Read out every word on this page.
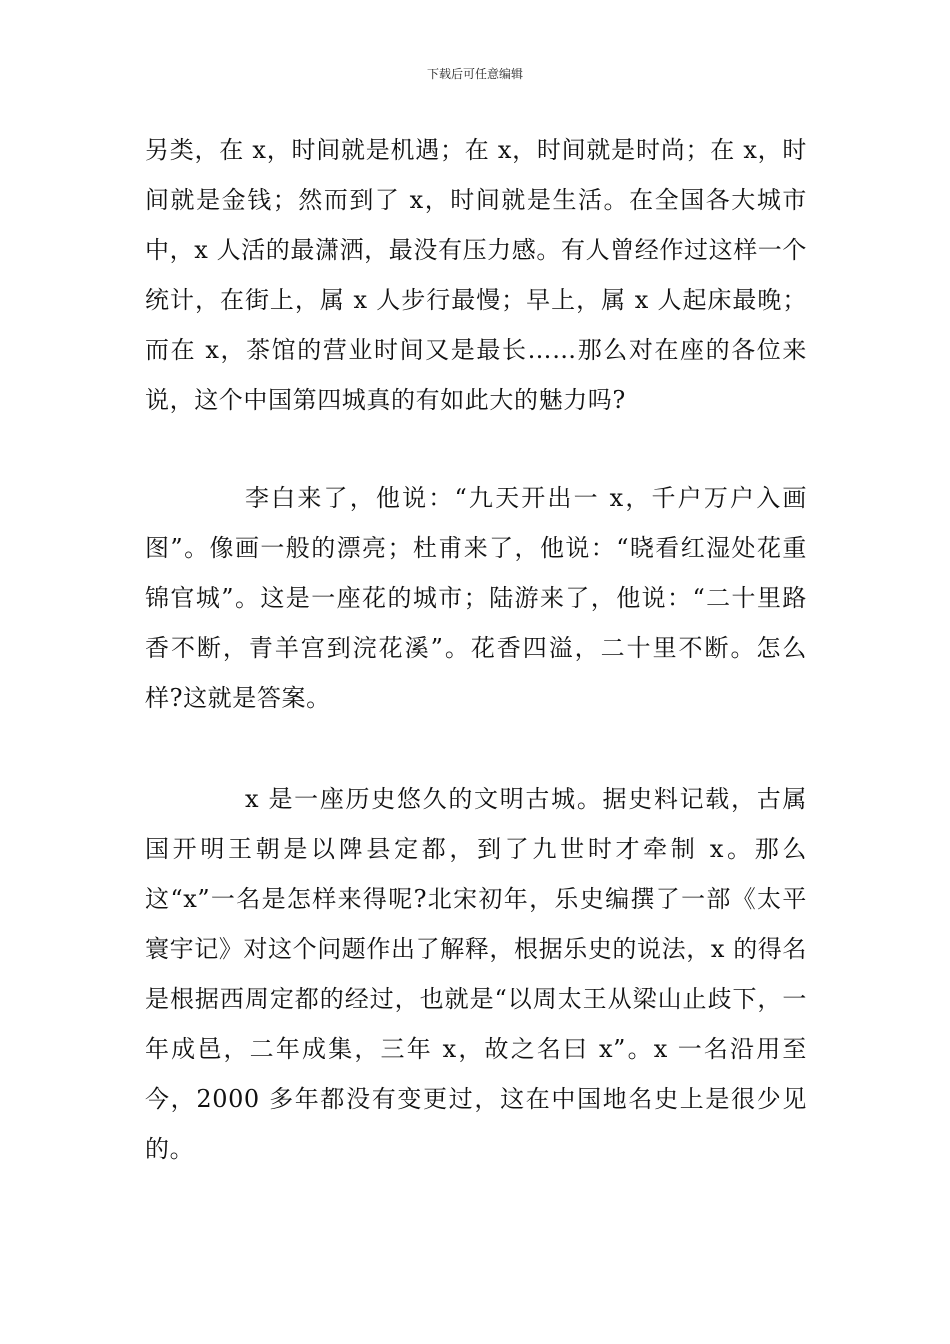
下载后可任意编辑

另类，在 x，时间就是机遇；在 x，时间就是时尚；在 x，时间就是金钱；然而到了 x，时间就是生活。在全国各大城市中，x 人活的最潇洒，最没有压力感。有人曾经作过这样一个统计，在街上，属 x 人步行最慢；早上，属 x 人起床最晚；而在 x，茶馆的营业时间又是最长……那么对在座的各位来说，这个中国第四城真的有如此大的魅力吗?

李白来了，他说：“九天开出一 x，千户万户入画图”。像画一般的漂亮；杜甫来了，他说：“晓看红湿处花重锦官城”。这是一座花的城市；陆游来了，他说：“二十里路香不断，青羊宫到浣花溪”。花香四溢，二十里不断。怎么样?这就是答案。

x 是一座历史悠久的文明古城。据史料记载，古属国开明王朝是以陴县定都，到了九世时才牵制 x。那么这“x”一名是怎样来得呢?北宋初年，乐史编撰了一部《太平寰宇记》对这个问题作出了解释，根据乐史的说法，x 的得名是根据西周定都的经过，也就是“以周太王从梁山止歧下，一年成邑，二年成集，三年 x，故之名曰 x”。x 一名沿用至今，2000 多年都没有变更过，这在中国地名史上是很少见的。
